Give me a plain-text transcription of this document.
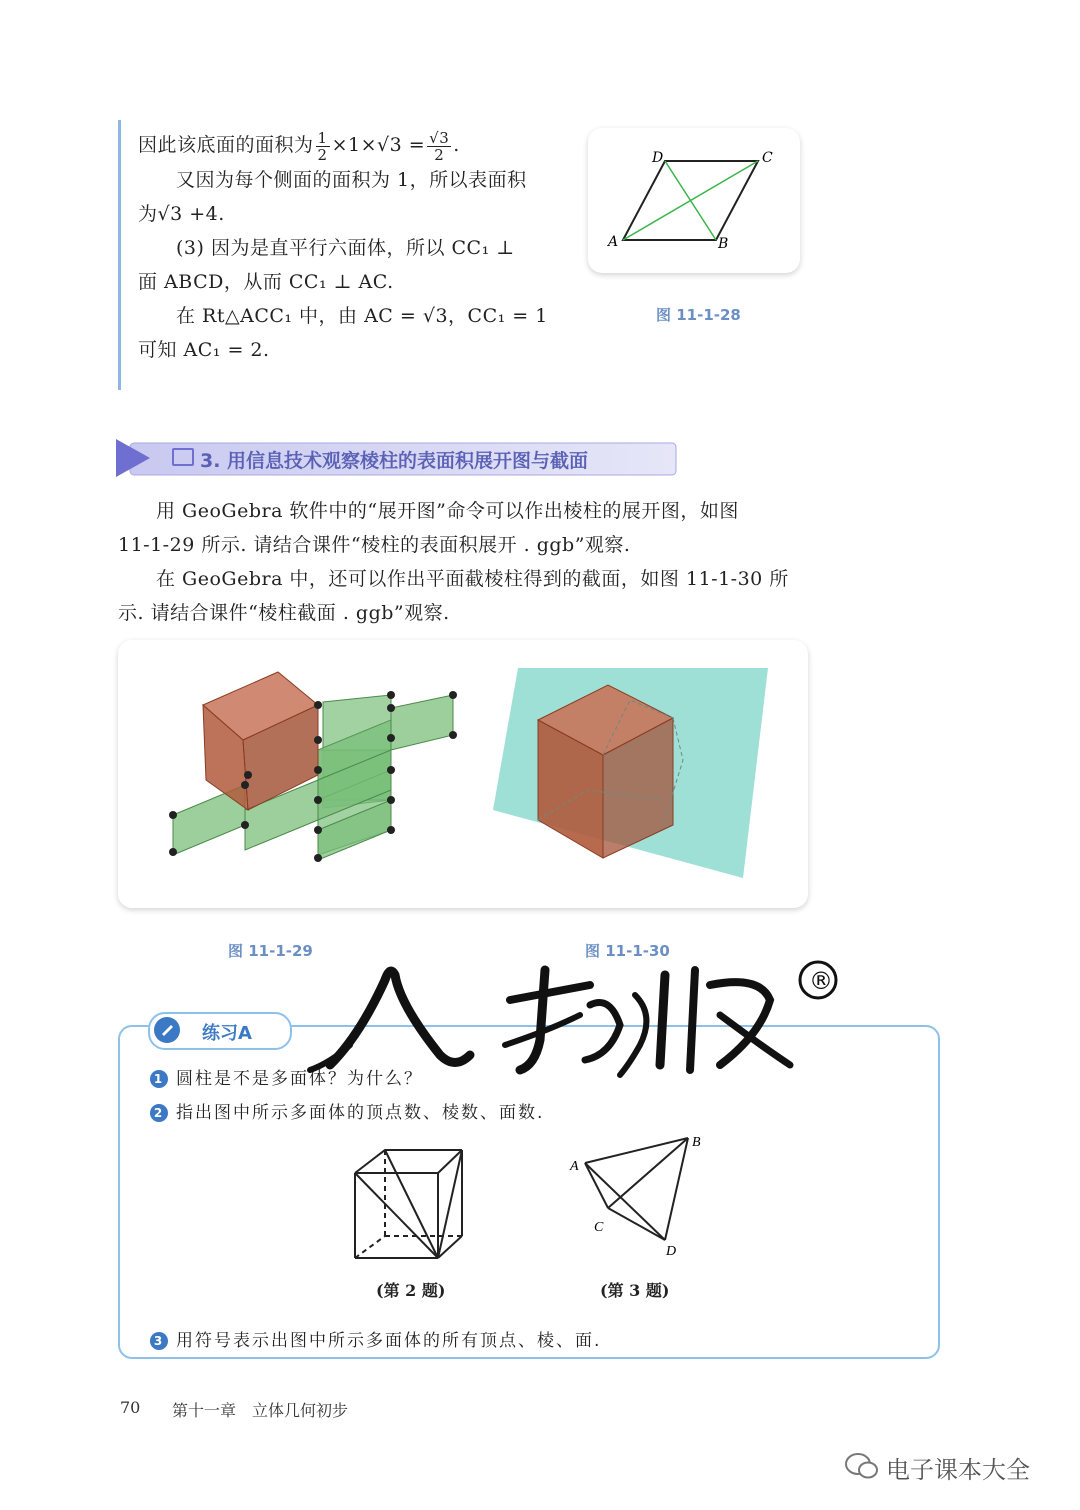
因此该底面的面积为 $\frac{1}{2} \times 1\times√3 = \frac{√3}{2}$ .
又因为每个侧面的面积为 1，所以表面积
为√3 +4.
(3) 因为是直平行六面体，所以 CC₁ ⊥
面 ABCD，从而 CC₁ ⊥ AC.
在 Rt△ACC₁ 中，由 AC = √3，CC₁ = 1
可知 AC₁ = 2.
A	B
C
D
图 11-1-28
3. 用信息技术观察棱柱的表面积展开图与截面
用 GeoGebra 软件中的“展开图”命令可以作出棱柱的展开图，如图
11-1-29 所示. 请结合课件“棱柱的表面积展开 . ggb”观察.
在 GeoGebra 中，还可以作出平面截棱柱得到的截面，如图 11-1-30 所
示. 请结合课件“棱柱截面 . ggb”观察.
图 11-1-29	图 11-1-30
练习A
1 圆柱是不是多面体？为什么？
2 指出图中所示多面体的顶点数、棱数、面数.
A
B
C
D
(第 2 题)	(第 3 题)
3 用符号表示出图中所示多面体的所有顶点、棱、面.
®
70 第十一章　立体几何初步
电子课本大全
